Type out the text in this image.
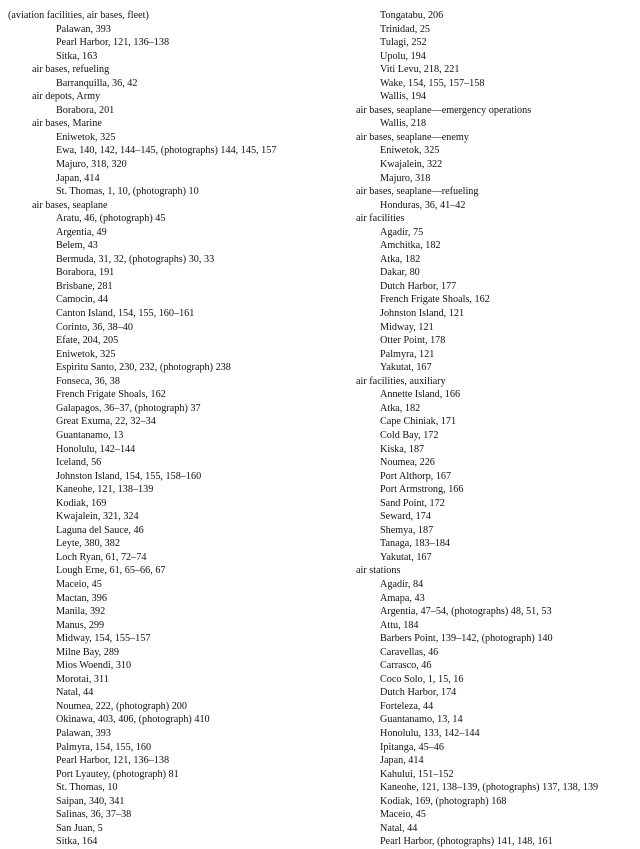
(aviation facilities, air bases, fleet)
Palawan, 393
Pearl Harbor, 121, 136–138
Sitka, 163
air bases, refueling
Barranquilla, 36, 42
air depots, Army
Borabora, 201
air bases, Marine
Eniwetok, 325
Ewa, 140, 142, 144–145, (photographs) 144, 145, 157
Majuro, 318, 320
Japan, 414
St. Thomas, 1, 10, (photograph) 10
air bases, seaplane
Aratu, 46, (photograph) 45
Argentia, 49
Belem, 43
Bermuda, 31, 32, (photographs) 30, 33
Borabora, 191
Brisbane, 281
Camocin, 44
Canton Island, 154, 155, 160–161
Corinto, 36, 38–40
Efate, 204, 205
Eniwetok, 325
Espiritu Santo, 230, 232, (photograph) 238
Fonseca, 36, 38
French Frigate Shoals, 162
Galapagos, 36–37, (photograph) 37
Great Exuma, 22, 32–34
Guantanamo, 13
Honolulu, 142–144
Iceland, 56
Johnston Island, 154, 155, 158–160
Kaneohe, 121, 138–139
Kodiak, 169
Kwajalein, 321, 324
Laguna del Sauce, 46
Leyte, 380, 382
Loch Ryan, 61, 72–74
Lough Erne, 61, 65–66, 67
Maceio, 45
Mactan, 396
Manila, 392
Manus, 299
Midway, 154, 155–157
Milne Bay, 289
Mios Woendi, 310
Morotai, 311
Natal, 44
Noumea, 222, (photograph) 200
Okinawa, 403, 406, (photograph) 410
Palawan, 393
Palmyra, 154, 155, 160
Pearl Harbor, 121, 136–138
Port Lyautey, (photograph) 81
St. Thomas, 10
Saipan, 340, 341
Salinas, 36, 37–38
San Juan, 5
Sitka, 164
Tongatabu, 206
Trinidad, 25
Tulagi, 252
Upolu, 194
Viti Levu, 218, 221
Wake, 154, 155, 157–158
Wallis, 194
air bases, seaplane—emergency operations
Wallis, 218
air bases, seaplane—enemy
Eniwetok, 325
Kwajalein, 322
Majuro, 318
air bases, seaplane—refueling
Honduras, 36, 41–42
air facilities
Agadir, 75
Amchitka, 182
Atka, 182
Dakar, 80
Dutch Harbor, 177
French Frigate Shoals, 162
Johnston Island, 121
Midway, 121
Otter Point, 178
Palmyra, 121
Yakutat, 167
air facilities, auxiliary
Annette Island, 166
Atka, 182
Cape Chiniak, 171
Cold Bay, 172
Kiska, 187
Noumea, 226
Port Althorp, 167
Port Armstrong, 166
Sand Point, 172
Seward, 174
Shemya, 187
Tanaga, 183–184
Yakutat, 167
air stations
Agadir, 84
Amapa, 43
Argentia, 47–54, (photographs) 48, 51, 53
Attu, 184
Barbers Point, 139–142, (photograph) 140
Caravellas, 46
Carrasco, 46
Coco Solo, 1, 15, 16
Dutch Harbor, 174
Forteleza, 44
Guantanamo, 13, 14
Honolulu, 133, 142–144
Ipitanga, 45–46
Japan, 414
Kahului, 151–152
Kaneohe, 121, 138–139, (photographs) 137, 138, 139
Kodiak, 169, (photograph) 168
Maceio, 45
Natal, 44
Pearl Harbor, (photographs) 141, 148, 161
